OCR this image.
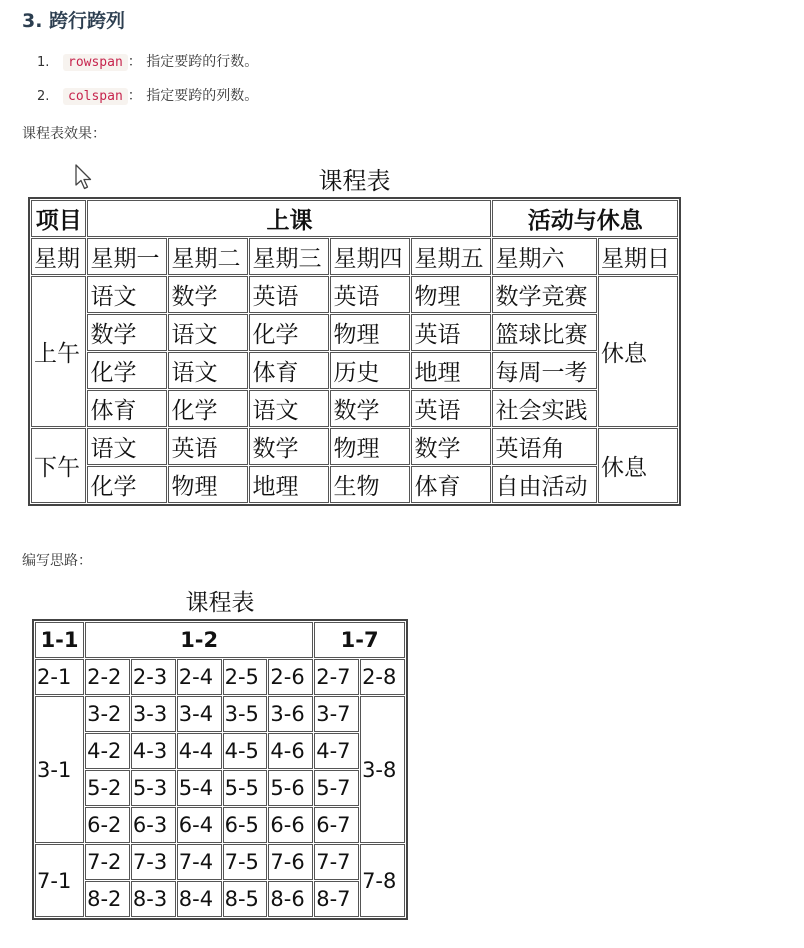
3. 跨行跨列
1. rowspan ： 指定要跨的行数。
2. colspan ： 指定要跨的列数。
课程表效果：
课程表
项目	上课					活动与休息	
星期	星期一	星期二	星期三	星期四	星期五	星期六	星期日
上午	语文	数学	英语	英语	物理	数学竞赛	休息
	数学	语文	化学	物理	英语	篮球比赛	
	化学	语文	体育	历史	地理	每周一考	
	体育	化学	语文	数学	英语	社会实践	
下午	语文	英语	数学	物理	数学	英语角	休息
	化学	物理	地理	生物	体育	自由活动	
编写思路：
课程表
1-1	1-2					1-7	
2-1	2-2	2-3	2-4	2-5	2-6	2-7	2-8
3-1	3-2	3-3	3-4	3-5	3-6	3-7	3-8
	4-2	4-3	4-4	4-5	4-6	4-7	
	5-2	5-3	5-4	5-5	5-6	5-7	
	6-2	6-3	6-4	6-5	6-6	6-7	
7-1	7-2	7-3	7-4	7-5	7-6	7-7	7-8
	8-2	8-3	8-4	8-5	8-6	8-7	
